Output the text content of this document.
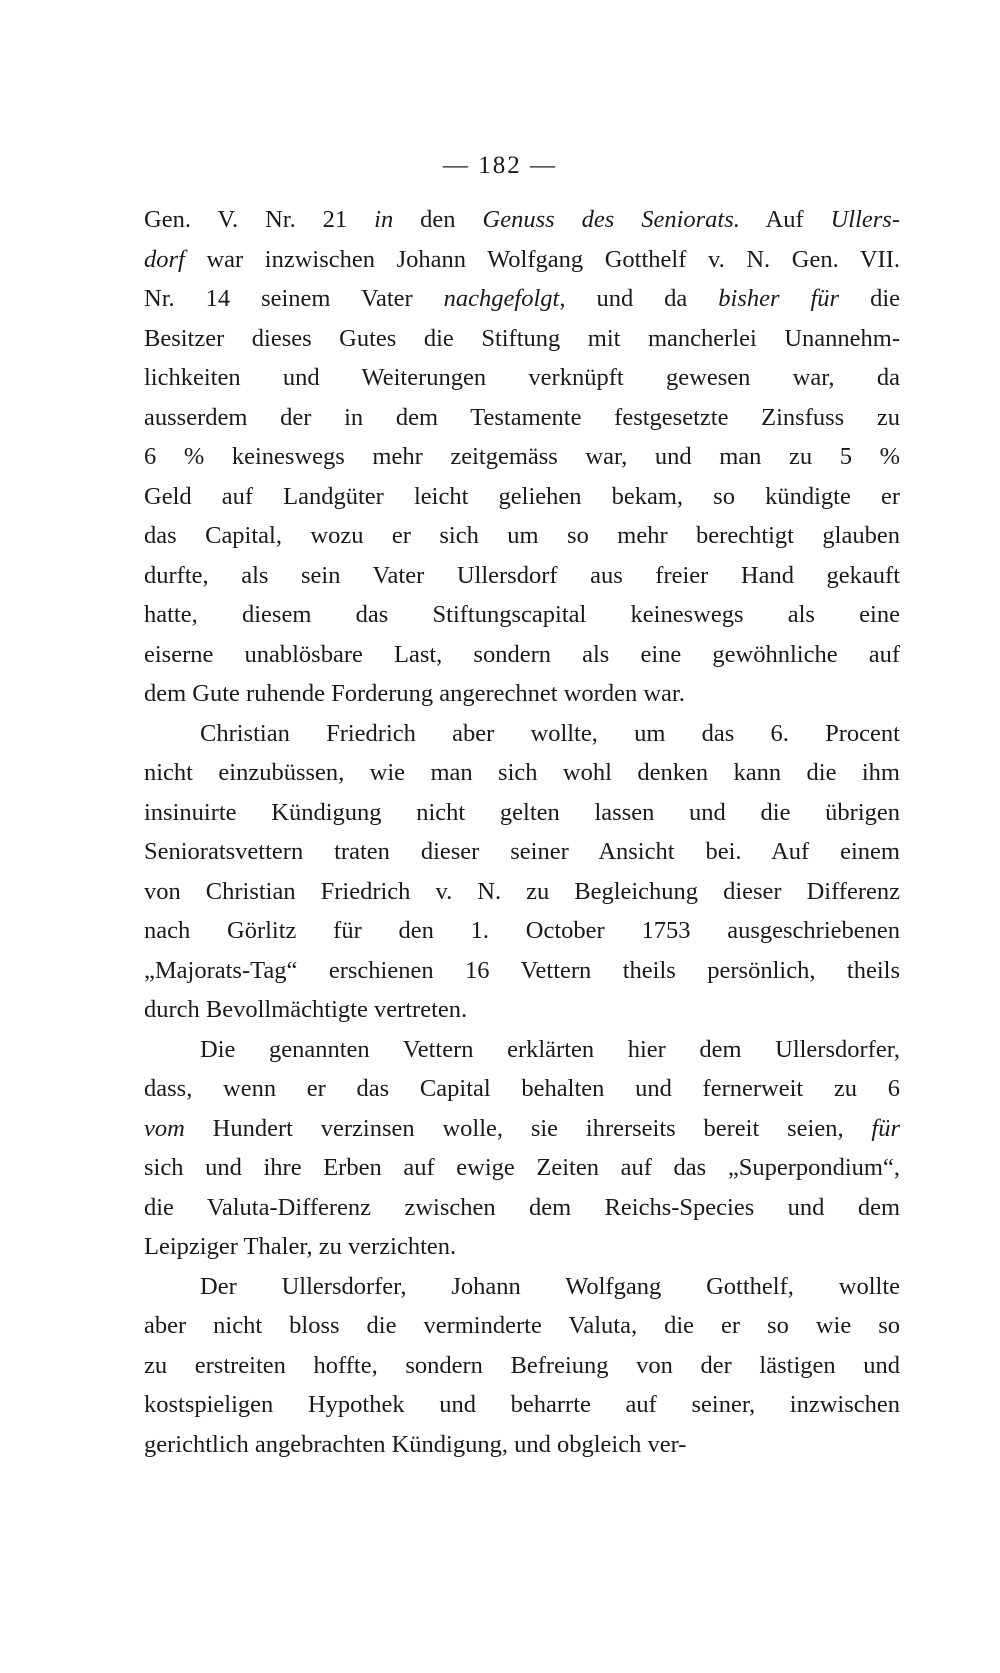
— 182 —
Gen. V. Nr. 21 in den Genuss des Seniorats. Auf Ullers-
dorf war inzwischen Johann Wolfgang Gotthelf v. N. Gen. VII.
Nr. 14 seinem Vater nachgefolgt, und da bisher für die
Besitzer dieses Gutes die Stiftung mit mancherlei Unannehm-
lichkeiten und Weiterungen verknüpft gewesen war, da
ausserdem der in dem Testamente festgesetzte Zinsfuss zu
6 % keineswegs mehr zeitgemäss war, und man zu 5 %
Geld auf Landgüter leicht geliehen bekam, so kündigte er
das Capital, wozu er sich um so mehr berechtigt glauben
durfte, als sein Vater Ullersdorf aus freier Hand gekauft
hatte, diesem das Stiftungscapital keineswegs als eine
eiserne unablösbare Last, sondern als eine gewöhnliche auf
dem Gute ruhende Forderung angerechnet worden war.
Christian Friedrich aber wollte, um das 6. Procent
nicht einzubüssen, wie man sich wohl denken kann die ihm
insinuirte Kündigung nicht gelten lassen und die übrigen
Senioratsvettern traten dieser seiner Ansicht bei. Auf einem
von Christian Friedrich v. N. zu Begleichung dieser Differenz
nach Görlitz für den 1. October 1753 ausgeschriebenen
„Majorats-Tag“ erschienen 16 Vettern theils persönlich, theils
durch Bevollmächtigte vertreten.
Die genannten Vettern erklärten hier dem Ullersdorfer,
dass, wenn er das Capital behalten und fernerweit zu 6
vom Hundert verzinsen wolle, sie ihrerseits bereit seien, für
sich und ihre Erben auf ewige Zeiten auf das „Superpondium“,
die Valuta-Differenz zwischen dem Reichs-Species und dem
Leipziger Thaler, zu verzichten.
Der Ullersdorfer, Johann Wolfgang Gotthelf, wollte
aber nicht bloss die verminderte Valuta, die er so wie so
zu erstreiten hoffte, sondern Befreiung von der lästigen und
kostspieligen Hypothek und beharrte auf seiner, inzwischen
gerichtlich angebrachten Kündigung, und obgleich ver-
